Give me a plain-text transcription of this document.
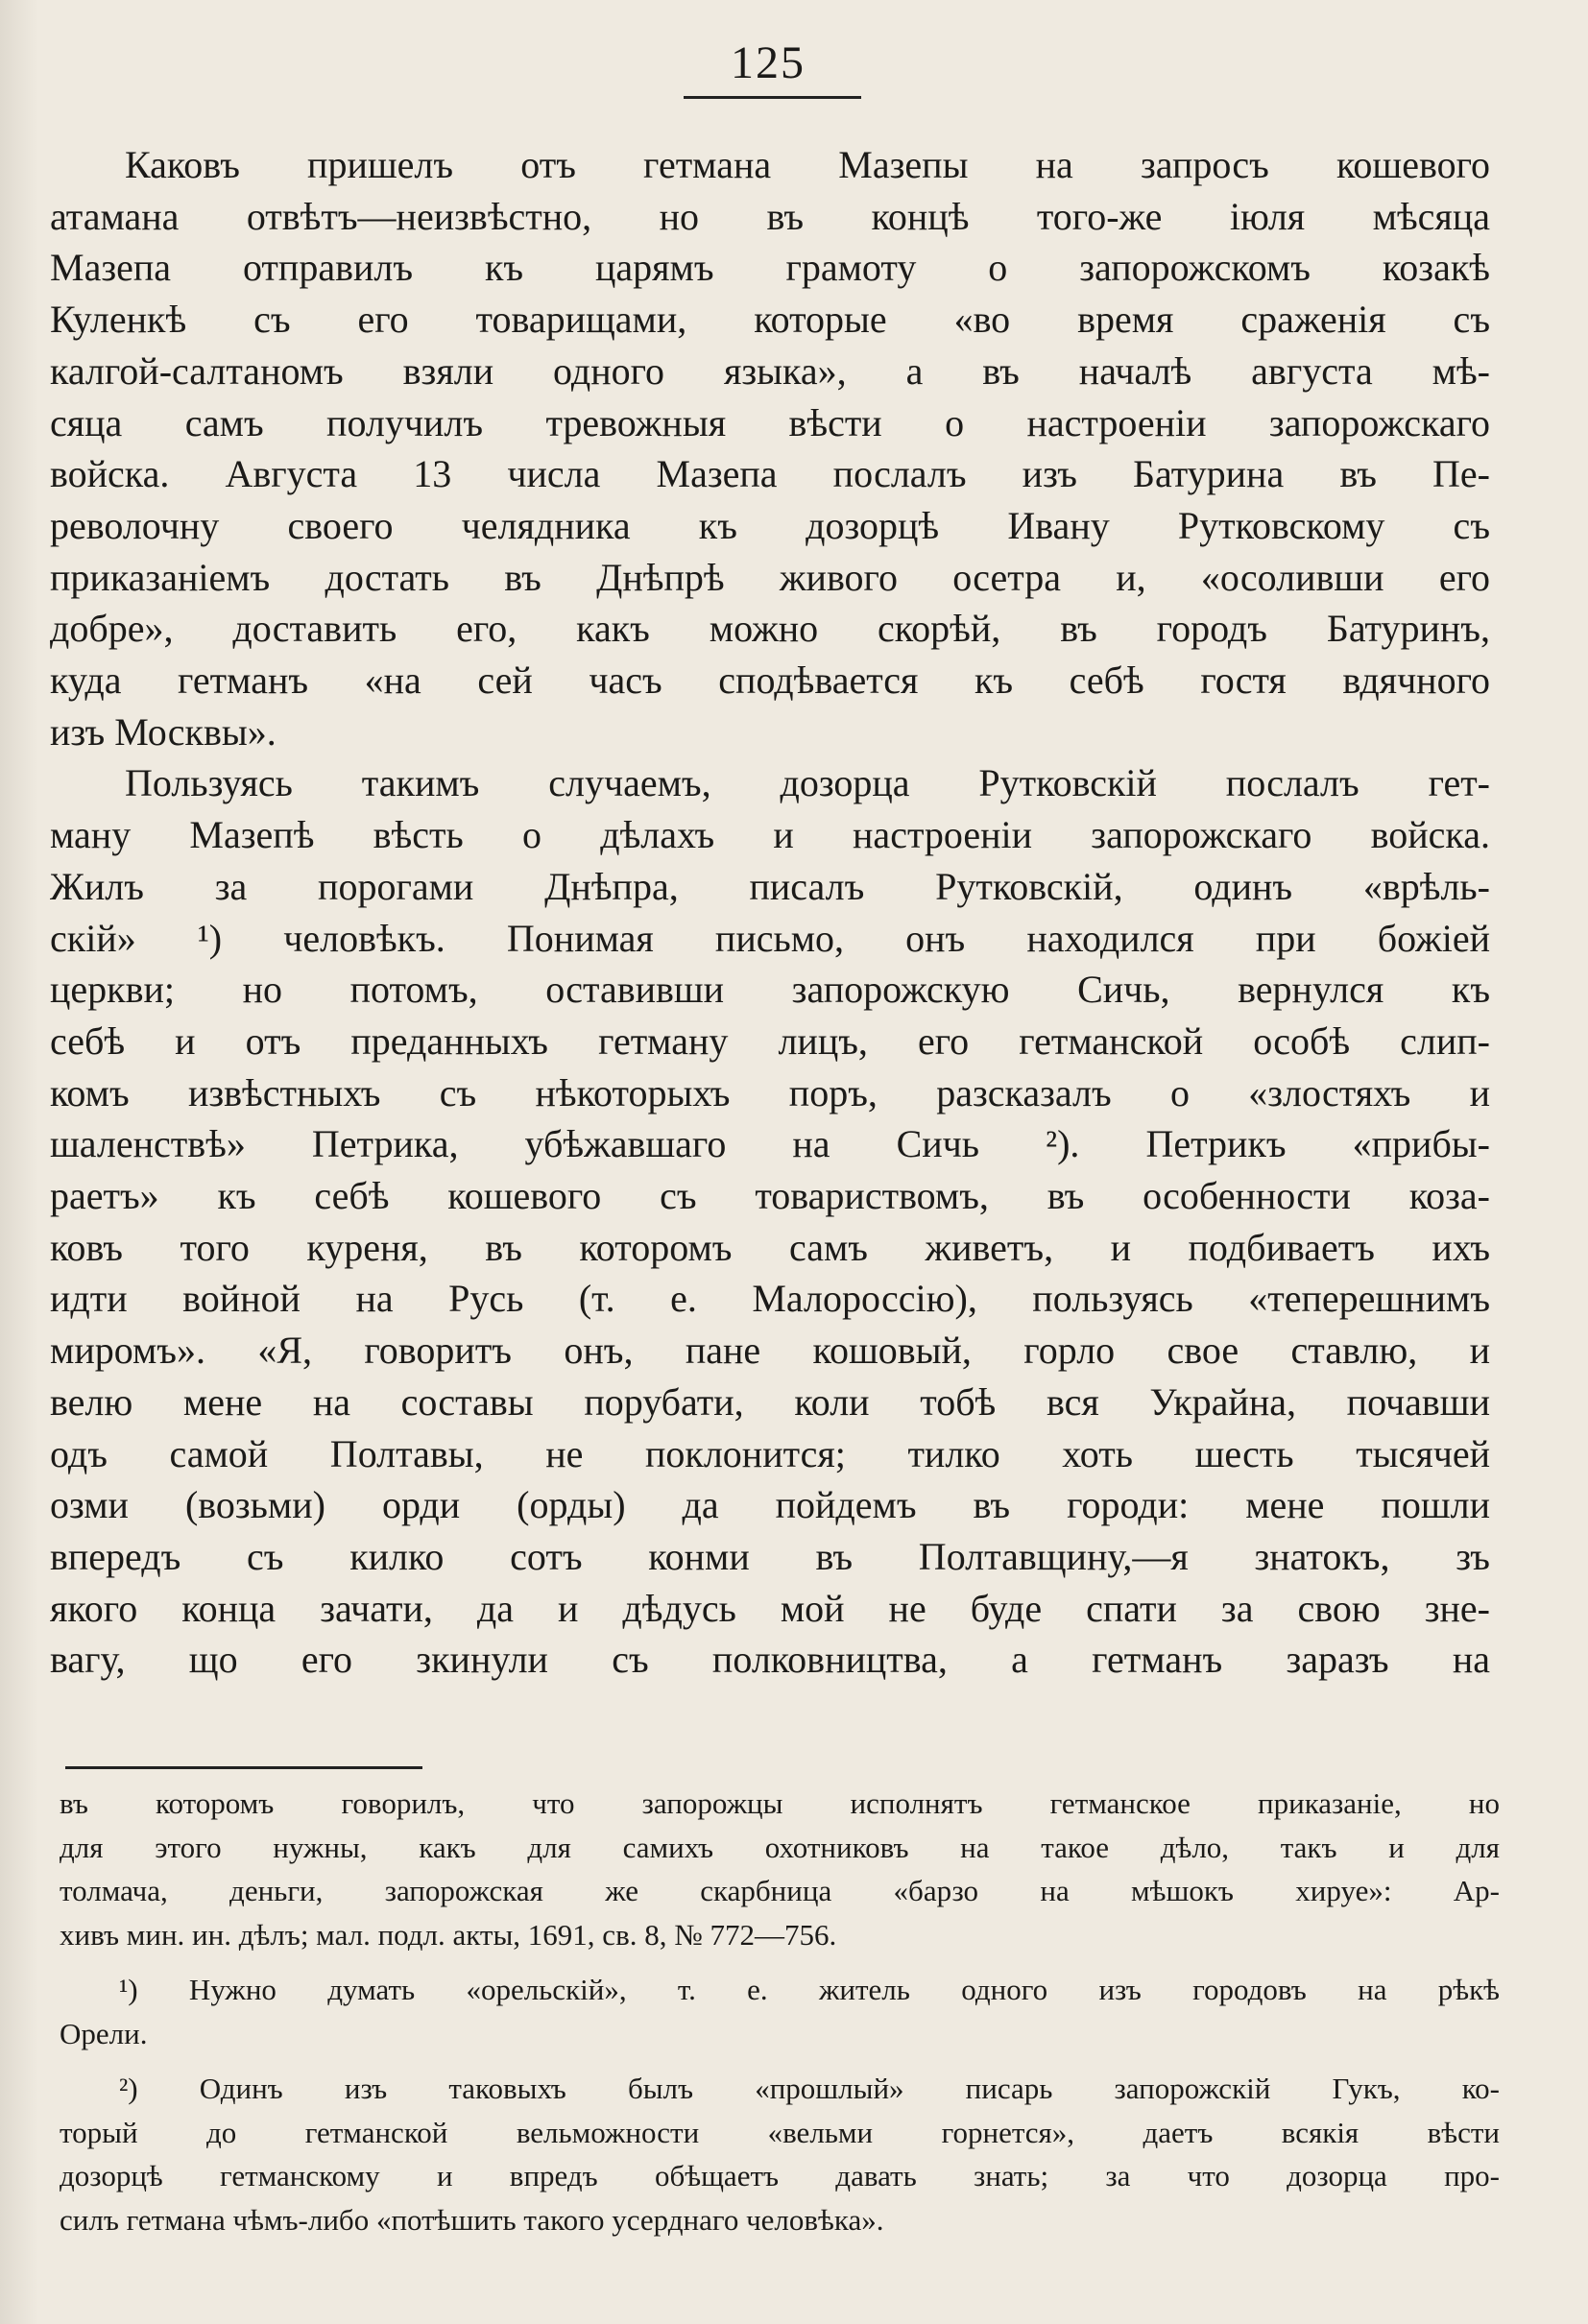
125
Каковъ пришелъ отъ гетмана Мазепы на запросъ кошевого
атамана отвѣтъ—неизвѣстно, но въ концѣ того-же іюля мѣсяца
Мазепа отправилъ къ царямъ грамоту о запорожскомъ козакѣ
Куленкѣ съ его товарищами, которые «во время сраженія съ
калгой-салтаномъ взяли одного языка», а въ началѣ августа мѣ-
сяца самъ получилъ тревожныя вѣсти о настроеніи запорожскаго
войска. Августа 13 числа Мазепа послалъ изъ Батурина въ Пе-
револочну своего челядника къ дозорцѣ Ивану Рутковскому съ
приказаніемъ достать въ Днѣпрѣ живого осетра и, «осоливши его
добре», доставить его, какъ можно скорѣй, въ городъ Батуринъ,
куда гетманъ «на сей часъ сподѣвается къ себѣ гостя вдячного
изъ Москвы».
Пользуясь такимъ случаемъ, дозорца Рутковскій послалъ гет-
ману Мазепѣ вѣсть о дѣлахъ и настроеніи запорожскаго войска.
Жилъ за порогами Днѣпра, писалъ Рутковскій, одинъ «врѣль-
скій» ¹) человѣкъ. Понимая письмо, онъ находился при божіей
церкви; но потомъ, оставивши запорожскую Сичь, вернулся къ
себѣ и отъ преданныхъ гетману лицъ, его гетманской особѣ слип-
комъ извѣстныхъ съ нѣкоторыхъ поръ, разсказалъ о «злостяхъ и
шаленствѣ» Петрика, убѣжавшаго на Сичь ²). Петрикъ «прибы-
раетъ» къ себѣ кошевого съ товариствомъ, въ особенности коза-
ковъ того куреня, въ которомъ самъ живетъ, и подбиваетъ ихъ
идти войной на Русь (т. е. Малороссію), пользуясь «теперешнимъ
миромъ». «Я, говоритъ онъ, пане кошовый, горло свое ставлю, и
велю мене на составы порубати, коли тобѣ вся Украйна, почавши
одъ самой Полтавы, не поклонится; тилко хоть шесть тысячей
озми (возьми) орди (орды) да пойдемъ въ городи: мене пошли
впередъ съ килко сотъ конми въ Полтавщину,—я знатокъ, зъ
якого конца зачати, да и дѣдусь мой не буде спати за свою зне-
вагу, що его зкинули съ полковництва, а гетманъ заразъ на
въ которомъ говорилъ, что запорожцы исполнятъ гетманское приказаніе, но
для этого нужны, какъ для самихъ охотниковъ на такое дѣло, такъ и для
толмача, деньги, запорожская же скарбница «барзо на мѣшокъ хируе»: Ар-
хивъ мин. ин. дѣлъ; мал. подл. акты, 1691, св. 8, № 772—756.
¹) Нужно думать «орельскій», т. е. житель одного изъ городовъ на рѣкѣ
Орели.
²) Одинъ изъ таковыхъ былъ «прошлый» писарь запорожскій Гукъ, ко-
торый до гетманской вельможности «вельми горнется», даетъ всякія вѣсти
дозорцѣ гетманскому и впредъ обѣщаетъ давать знать; за что дозорца про-
силъ гетмана чѣмъ-либо «потѣшить такого усерднаго человѣка».
